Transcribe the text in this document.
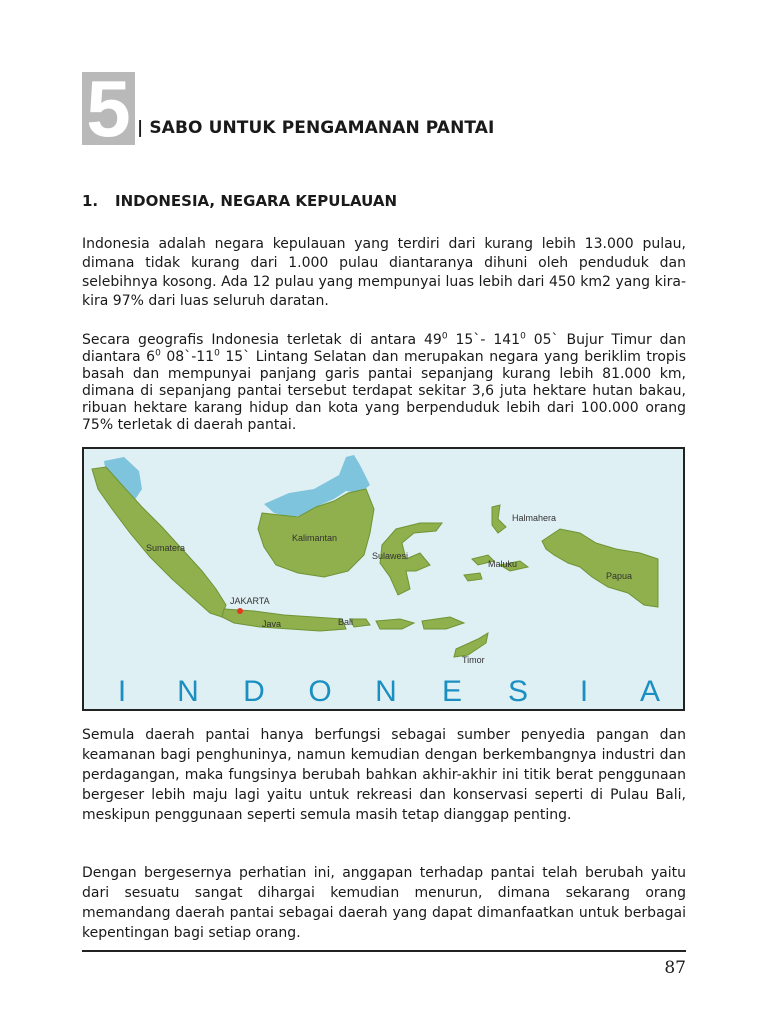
5 | SABO UNTUK PENGAMANAN PANTAI
1. INDONESIA, NEGARA KEPULAUAN

Indonesia adalah negara kepulauan yang terdiri dari kurang lebih 13.000 pulau, dimana tidak kurang dari 1.000 pulau diantaranya dihuni oleh penduduk dan selebihnya kosong. Ada 12 pulau yang mempunyai luas lebih dari 450 km2 yang kira-kira 97% dari luas seluruh daratan.

Secara geografis Indonesia terletak di antara $49^0$ 15`- $141^0$ 05` Bujur Timur dan diantara $6^0$ $08`-11^0$ 15` Lintang Selatan dan merupakan negara yang beriklim tropis basah dan mempunyai panjang garis pantai sepanjang kurang lebih 81.000 km, dimana di sepanjang pantai tersebut terdapat sekitar 3,6 juta hektare hutan bakau, ribuan hektare karang hidup dan kota yang berpenduduk lebih dari 100.000 orang 75% terletak di daerah pantai.

Sumatera
Kalimantan
Sulawesi
Maluku
Halmahera
Papua
JAKARTA
Java	Bali
Timor
I N D O N E S I A

Semula daerah pantai hanya berfungsi sebagai sumber penyedia pangan dan keamanan bagi penghuninya, namun kemudian dengan berkembangnya industri dan perdagangan, maka fungsinya berubah bahkan akhir-akhir ini titik berat penggunaan bergeser lebih maju lagi yaitu untuk rekreasi dan konservasi seperti di Pulau Bali, meskipun penggunaan seperti semula masih tetap dianggap penting.

Dengan bergesernya perhatian ini, anggapan terhadap pantai telah berubah yaitu dari sesuatu sangat dihargai kemudian menurun, dimana sekarang orang memandang daerah pantai sebagai daerah yang dapat dimanfaatkan untuk berbagai kepentingan bagi setiap orang.

87
